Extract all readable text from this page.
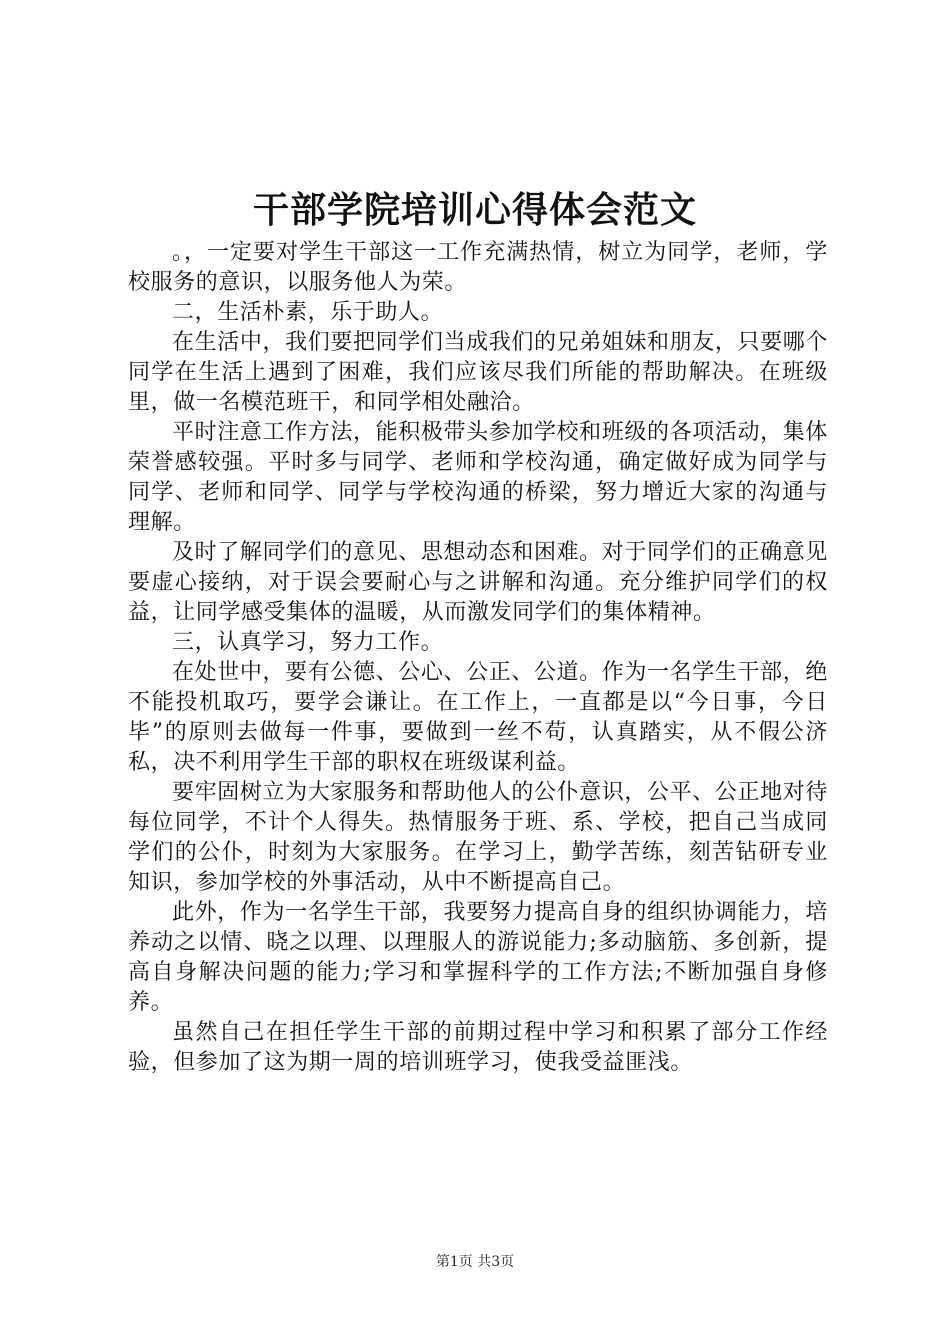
干部学院培训心得体会范文

。，一定要对学生干部这一工作充满热情，树立为同学，老师，学校服务的意识，以服务他人为荣。

二，生活朴素，乐于助人。

在生活中，我们要把同学们当成我们的兄弟姐妹和朋友，只要哪个同学在生活上遇到了困难，我们应该尽我们所能的帮助解决。在班级里，做一名模范班干，和同学相处融洽。

平时注意工作方法，能积极带头参加学校和班级的各项活动，集体荣誉感较强。平时多与同学、老师和学校沟通，确定做好成为同学与同学、老师和同学、同学与学校沟通的桥梁，努力增近大家的沟通与理解。

及时了解同学们的意见、思想动态和困难。对于同学们的正确意见要虚心接纳，对于误会要耐心与之讲解和沟通。充分维护同学们的权益，让同学感受集体的温暖，从而激发同学们的集体精神。

三，认真学习，努力工作。

在处世中，要有公德、公心、公正、公道。作为一名学生干部，绝不能投机取巧，要学会谦让。在工作上，一直都是以“今日事，今日毕”的原则去做每一件事，要做到一丝不苟，认真踏实，从不假公济私，决不利用学生干部的职权在班级谋利益。

要牢固树立为大家服务和帮助他人的公仆意识，公平、公正地对待每位同学，不计个人得失。热情服务于班、系、学校，把自己当成同学们的公仆，时刻为大家服务。在学习上，勤学苦练，刻苦钻研专业知识，参加学校的外事活动，从中不断提高自己。

此外，作为一名学生干部，我要努力提高自身的组织协调能力，培养动之以情、晓之以理、以理服人的游说能力;多动脑筋、多创新，提高自身解决问题的能力;学习和掌握科学的工作方法;不断加强自身修养。

虽然自己在担任学生干部的前期过程中学习和积累了部分工作经验，但参加了这为期一周的培训班学习，使我受益匪浅。

第1页 共3页
